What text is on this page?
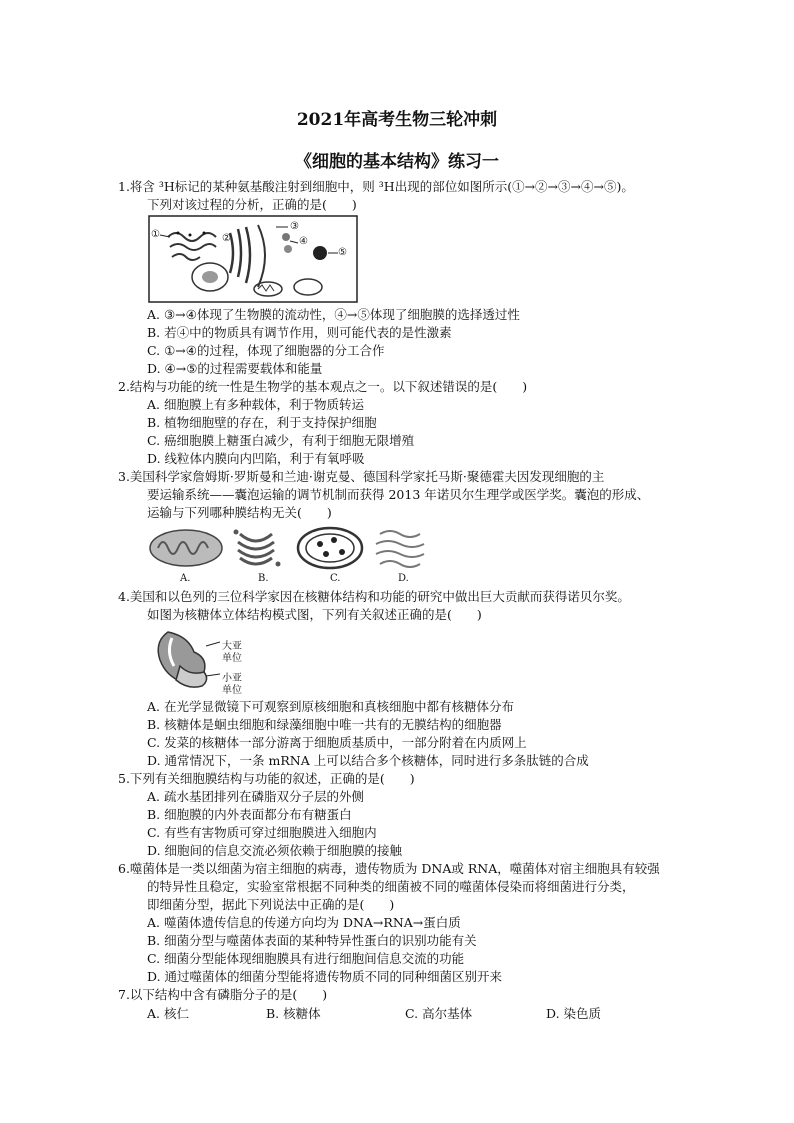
2021年高考生物三轮冲刺
《细胞的基本结构》练习一
1.将含 ³H标记的某种氨基酸注射到细胞中，则 ³H出现的部位如图所示(①→②→③→④→⑤)。
下列对该过程的分析，正确的是(　　)
①	②
③
④
⑤
A. ③→④体现了生物膜的流动性，④→⑤体现了细胞膜的选择透过性
B. 若④中的物质具有调节作用，则可能代表的是性激素
C. ①→④的过程，体现了细胞器的分工合作
D. ④→⑤的过程需要载体和能量
2.结构与功能的统一性是生物学的基本观点之一。以下叙述错误的是(　　)
A. 细胞膜上有多种载体，利于物质转运
B. 植物细胞壁的存在，利于支持保护细胞
C. 癌细胞膜上糖蛋白减少，有利于细胞无限增殖
D. 线粒体内膜向内凹陷，利于有氧呼吸
3.美国科学家詹姆斯·罗斯曼和兰迪·谢克曼、德国科学家托马斯·聚德霍夫因发现细胞的主
要运输系统——囊泡运输的调节机制而获得 2013 年诺贝尔生理学或医学奖。囊泡的形成、
运输与下列哪种膜结构无关(　　)
A.	B.	C.	D.
4.美国和以色列的三位科学家因在核糖体结构和功能的研究中做出巨大贡献而获得诺贝尔奖。
如图为核糖体立体结构模式图，下列有关叙述正确的是(　　)
大亚
单位
小亚
单位
A. 在光学显微镜下可观察到原核细胞和真核细胞中都有核糖体分布
B. 核糖体是蛔虫细胞和绿藻细胞中唯一共有的无膜结构的细胞器
C. 发菜的核糖体一部分游离于细胞质基质中，一部分附着在内质网上
D. 通常情况下，一条 mRNA 上可以结合多个核糖体，同时进行多条肽链的合成
5.下列有关细胞膜结构与功能的叙述，正确的是(　　)
A. 疏水基团排列在磷脂双分子层的外侧
B. 细胞膜的内外表面都分布有糖蛋白
C. 有些有害物质可穿过细胞膜进入细胞内
D. 细胞间的信息交流必须依赖于细胞膜的接触
6.噬菌体是一类以细菌为宿主细胞的病毒，遗传物质为 DNA或 RNA，噬菌体对宿主细胞具有较强
的特异性且稳定，实验室常根据不同种类的细菌被不同的噬菌体侵染而将细菌进行分类，
即细菌分型，据此下列说法中正确的是(　　)
A. 噬菌体遗传信息的传递方向均为 DNA→RNA→蛋白质
B. 细菌分型与噬菌体表面的某种特异性蛋白的识别功能有关
C. 细菌分型能体现细胞膜具有进行细胞间信息交流的功能
D. 通过噬菌体的细菌分型能将遗传物质不同的同种细菌区别开来
7.以下结构中含有磷脂分子的是(　　)
A. 核仁	B. 核糖体	C. 高尔基体	D. 染色质
